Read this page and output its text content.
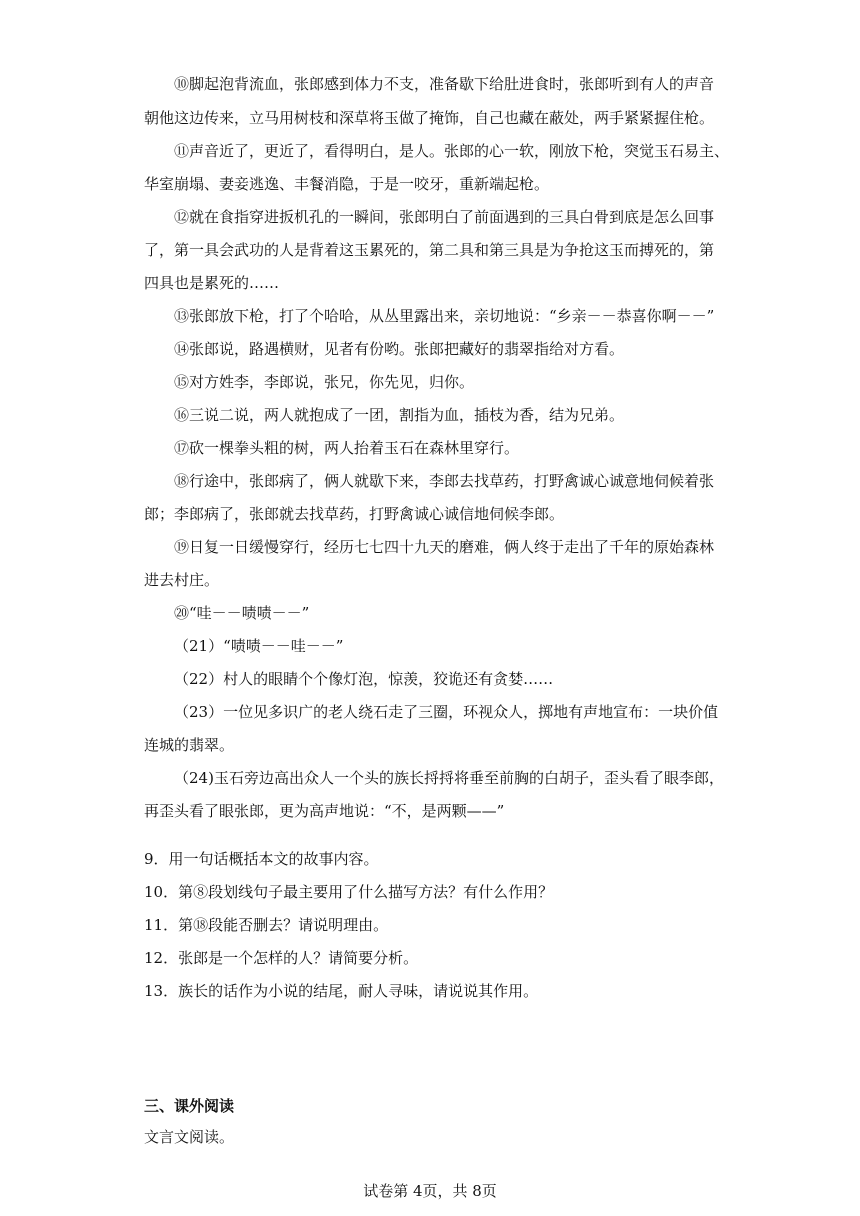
⑩脚起泡背流血，张郎感到体力不支，准备歇下给肚进食时，张郎听到有人的声音

朝他这边传来，立马用树枝和深草将玉做了掩饰，自己也藏在蔽处，两手紧紧握住枪。

⑪声音近了，更近了，看得明白，是人。张郎的心一软，刚放下枪，突觉玉石易主、

华室崩塌、妻妾逃逸、丰餐消隐，于是一咬牙，重新端起枪。

⑫就在食指穿进扳机孔的一瞬间，张郎明白了前面遇到的三具白骨到底是怎么回事

了，第一具会武功的人是背着这玉累死的，第二具和第三具是为争抢这玉而搏死的，第

四具也是累死的……

⑬张郎放下枪，打了个哈哈，从丛里露出来，亲切地说：“乡亲－－恭喜你啊－－”

⑭张郎说，路遇横财，见者有份哟。张郎把藏好的翡翠指给对方看。

⑮对方姓李，李郎说，张兄，你先见，归你。

⑯三说二说，两人就抱成了一团，割指为血，插枝为香，结为兄弟。

⑰砍一棵拳头粗的树，两人抬着玉石在森林里穿行。

⑱行途中，张郎病了，俩人就歇下来，李郎去找草药，打野禽诚心诚意地伺候着张

郎；李郎病了，张郎就去找草药，打野禽诚心诚信地伺候李郎。

⑲日复一日缓慢穿行，经历七七四十九天的磨难，俩人终于走出了千年的原始森林

进去村庄。

⑳“哇－－啧啧－－”

（21）“啧啧－－哇－－”

（22）村人的眼睛个个像灯泡，惊羡，狡诡还有贪婪……

（23）一位见多识广的老人绕石走了三圈，环视众人，掷地有声地宣布：一块价值

连城的翡翠。

（24)玉石旁边高出众人一个头的族长捋捋将垂至前胸的白胡子，歪头看了眼李郎，

再歪头看了眼张郎，更为高声地说：“不，是两颗——”

9．用一句话概括本文的故事内容。

10．第⑧段划线句子最主要用了什么描写方法？有什么作用？

11．第⑱段能否删去？请说明理由。

12．张郎是一个怎样的人？请简要分析。

13．族长的话作为小说的结尾，耐人寻味，请说说其作用。

三、课外阅读

文言文阅读。

试卷第 4页，共 8页
